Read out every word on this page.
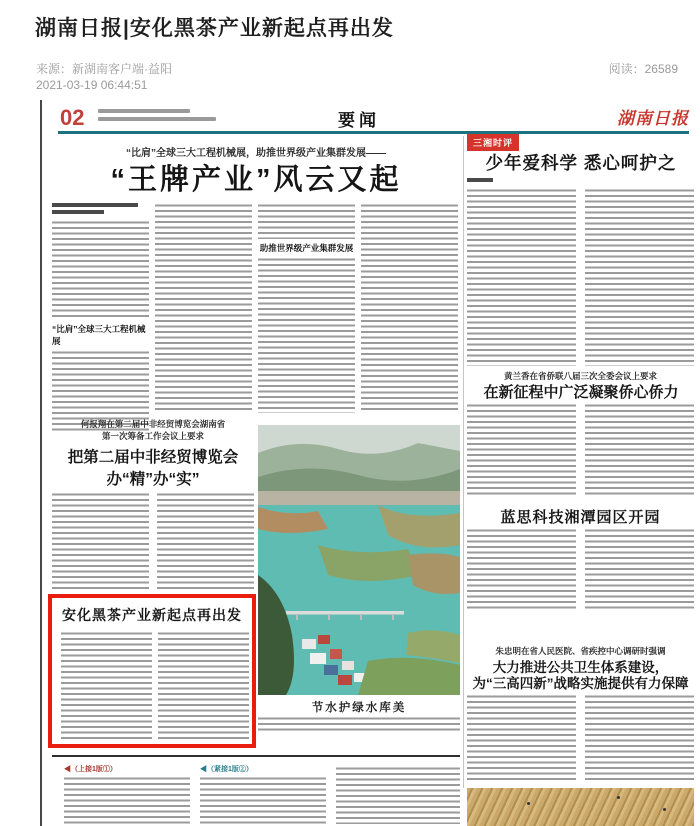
湖南日报|安化黑茶产业新起点再出发
来源：新湖南客户端·益阳
2021-03-19 06:44:51
阅读：26589
02	要闻	湖南日报
“比肩”全球三大工程机械展，助推世界级产业集群发展——
“王牌产业”风云又起
“比肩”全球三大工程机械展
助推世界级产业集群发展
何报翔在第二届中非经贸博览会湖南省
第一次筹备工作会议上要求
把第二届中非经贸博览会
办“精”办“实”
安化黑茶产业新起点再出发
节水护绿水库美
◀（上接1版①）	◀（紧接1版②）
三湘时评
少年爱科学 悉心呵护之
黄兰香在省侨联八届三次全委会议上要求
在新征程中广泛凝聚侨心侨力
蓝思科技湘潭园区开园
朱忠明在省人民医院、省疾控中心调研时强调
大力推进公共卫生体系建设，
为“三高四新”战略实施提供有力保障
